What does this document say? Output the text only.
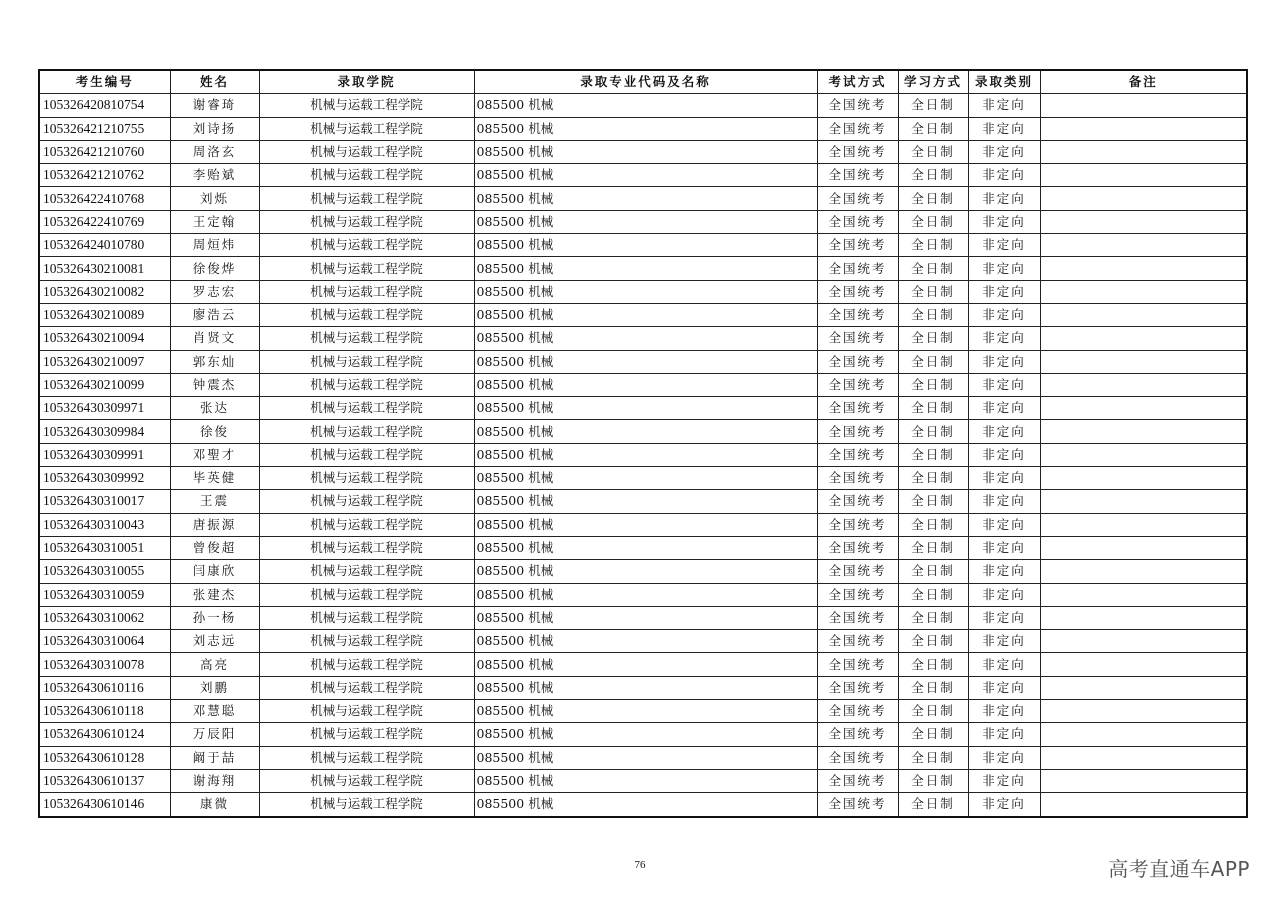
考生编号	姓名	录取学院	录取专业代码及名称	考试方式	学习方式	录取类别	备注
105326420810754	谢睿琦	机械与运载工程学院	085500 机械	全国统考	全日制	非定向	
105326421210755	刘诗扬	机械与运载工程学院	085500 机械	全国统考	全日制	非定向	
105326421210760	周洛玄	机械与运载工程学院	085500 机械	全国统考	全日制	非定向	
105326421210762	李贻斌	机械与运载工程学院	085500 机械	全国统考	全日制	非定向	
105326422410768	刘烁	机械与运载工程学院	085500 机械	全国统考	全日制	非定向	
105326422410769	王定翰	机械与运载工程学院	085500 机械	全国统考	全日制	非定向	
105326424010780	周烜炜	机械与运载工程学院	085500 机械	全国统考	全日制	非定向	
105326430210081	徐俊烨	机械与运载工程学院	085500 机械	全国统考	全日制	非定向	
105326430210082	罗志宏	机械与运载工程学院	085500 机械	全国统考	全日制	非定向	
105326430210089	廖浩云	机械与运载工程学院	085500 机械	全国统考	全日制	非定向	
105326430210094	肖贤文	机械与运载工程学院	085500 机械	全国统考	全日制	非定向	
105326430210097	郭东灿	机械与运载工程学院	085500 机械	全国统考	全日制	非定向	
105326430210099	钟震杰	机械与运载工程学院	085500 机械	全国统考	全日制	非定向	
105326430309971	张达	机械与运载工程学院	085500 机械	全国统考	全日制	非定向	
105326430309984	徐俊	机械与运载工程学院	085500 机械	全国统考	全日制	非定向	
105326430309991	邓聖才	机械与运载工程学院	085500 机械	全国统考	全日制	非定向	
105326430309992	毕英健	机械与运载工程学院	085500 机械	全国统考	全日制	非定向	
105326430310017	王震	机械与运载工程学院	085500 机械	全国统考	全日制	非定向	
105326430310043	唐振源	机械与运载工程学院	085500 机械	全国统考	全日制	非定向	
105326430310051	曾俊超	机械与运载工程学院	085500 机械	全国统考	全日制	非定向	
105326430310055	闫康欣	机械与运载工程学院	085500 机械	全国统考	全日制	非定向	
105326430310059	张建杰	机械与运载工程学院	085500 机械	全国统考	全日制	非定向	
105326430310062	孙一杨	机械与运载工程学院	085500 机械	全国统考	全日制	非定向	
105326430310064	刘志远	机械与运载工程学院	085500 机械	全国统考	全日制	非定向	
105326430310078	高亮	机械与运载工程学院	085500 机械	全国统考	全日制	非定向	
105326430610116	刘鹏	机械与运载工程学院	085500 机械	全国统考	全日制	非定向	
105326430610118	邓慧聪	机械与运载工程学院	085500 机械	全国统考	全日制	非定向	
105326430610124	万辰阳	机械与运载工程学院	085500 机械	全国统考	全日制	非定向	
105326430610128	阚于喆	机械与运载工程学院	085500 机械	全国统考	全日制	非定向	
105326430610137	谢海翔	机械与运载工程学院	085500 机械	全国统考	全日制	非定向	
105326430610146	康微	机械与运载工程学院	085500 机械	全国统考	全日制	非定向	
76	高考直通车APP
